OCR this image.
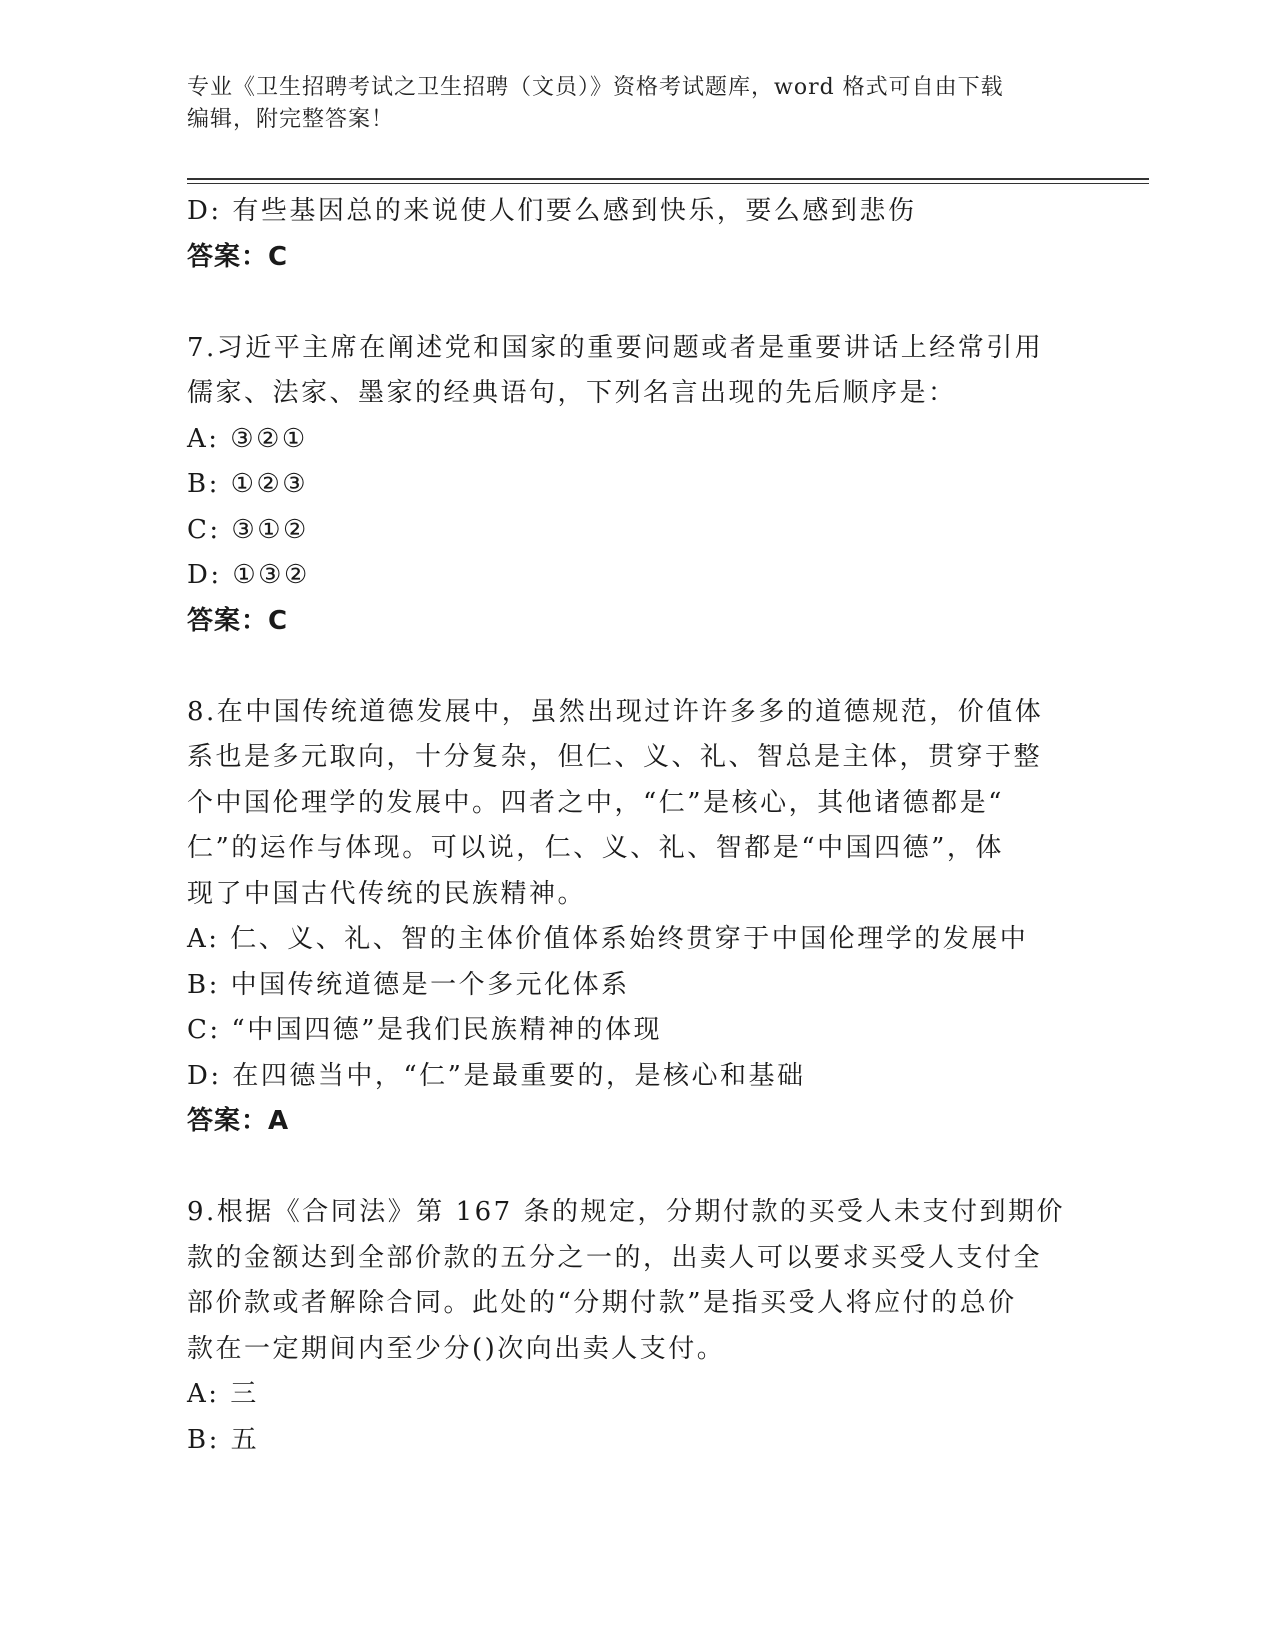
专业《卫生招聘考试之卫生招聘（文员）》资格考试题库，word 格式可自由下载
编辑，附完整答案！
D: 有些基因总的来说使人们要么感到快乐，要么感到悲伤
答案：C
7.习近平主席在阐述党和国家的重要问题或者是重要讲话上经常引用
儒家、法家、墨家的经典语句，下列名言出现的先后顺序是：
A: ③②①
B: ①②③
C: ③①②
D: ①③②
答案：C
8.在中国传统道德发展中，虽然出现过许许多多的道德规范，价值体
系也是多元取向，十分复杂，但仁、义、礼、智总是主体，贯穿于整
个中国伦理学的发展中。四者之中，“仁”是核心，其他诸德都是“
仁”的运作与体现。可以说，仁、义、礼、智都是“中国四德”，体
现了中国古代传统的民族精神。
A: 仁、义、礼、智的主体价值体系始终贯穿于中国伦理学的发展中
B: 中国传统道德是一个多元化体系
C: “中国四德”是我们民族精神的体现
D: 在四德当中，“仁”是最重要的，是核心和基础
答案：A
9.根据《合同法》第 167 条的规定，分期付款的买受人未支付到期价
款的金额达到全部价款的五分之一的，出卖人可以要求买受人支付全
部价款或者解除合同。此处的“分期付款”是指买受人将应付的总价
款在一定期间内至少分()次向出卖人支付。
A: 三
B: 五
